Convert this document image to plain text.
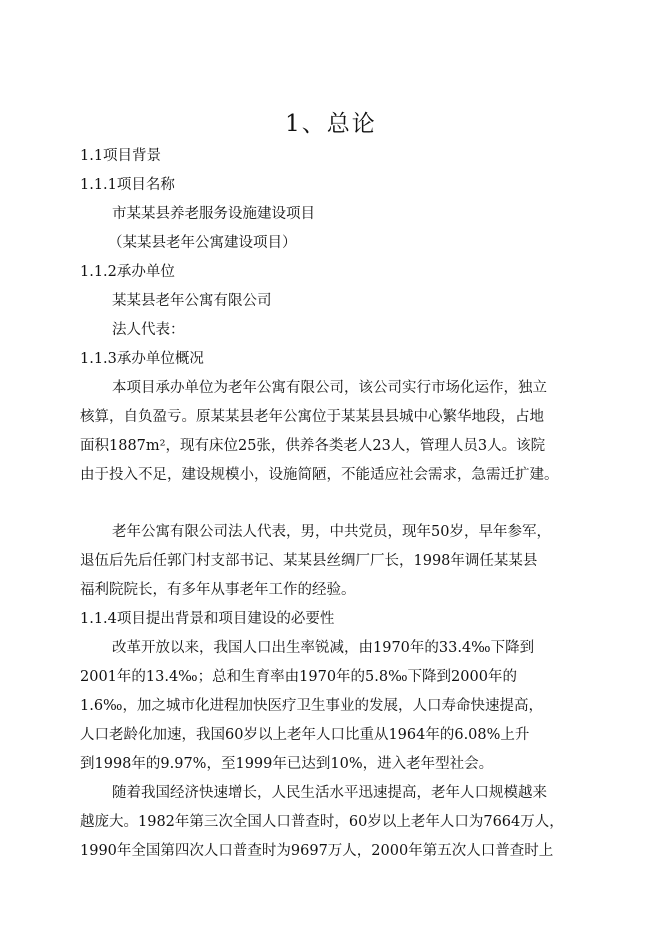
1、总论
1.1项目背景
1.1.1项目名称
市某某县养老服务设施建设项目
（某某县老年公寓建设项目）
1.1.2承办单位
某某县老年公寓有限公司
法人代表：
1.1.3承办单位概况
本项目承办单位为老年公寓有限公司，该公司实行市场化运作，独立
核算，自负盈亏。原某某县老年公寓位于某某县县城中心繁华地段，占地
面积1887m²，现有床位25张，供养各类老人23人，管理人员3人。该院
由于投入不足，建设规模小，设施简陋，不能适应社会需求，急需迁扩建。
老年公寓有限公司法人代表，男，中共党员，现年50岁，早年参军，
退伍后先后任郭门村支部书记、某某县丝绸厂厂长，1998年调任某某县
福利院院长，有多年从事老年工作的经验。
1.1.4项目提出背景和项目建设的必要性
改革开放以来，我国人口出生率锐减，由1970年的33.4‰下降到
2001年的13.4‰；总和生育率由1970年的5.8‰下降到2000年的
1.6‰，加之城市化进程加快医疗卫生事业的发展，人口寿命快速提高，
人口老龄化加速，我国60岁以上老年人口比重从1964年的6.08%上升
到1998年的9.97%，至1999年已达到10%，进入老年型社会。
随着我国经济快速增长，人民生活水平迅速提高，老年人口规模越来
越庞大。1982年第三次全国人口普查时，60岁以上老年人口为7664万人，
1990年全国第四次人口普查时为9697万人，2000年第五次人口普查时上
